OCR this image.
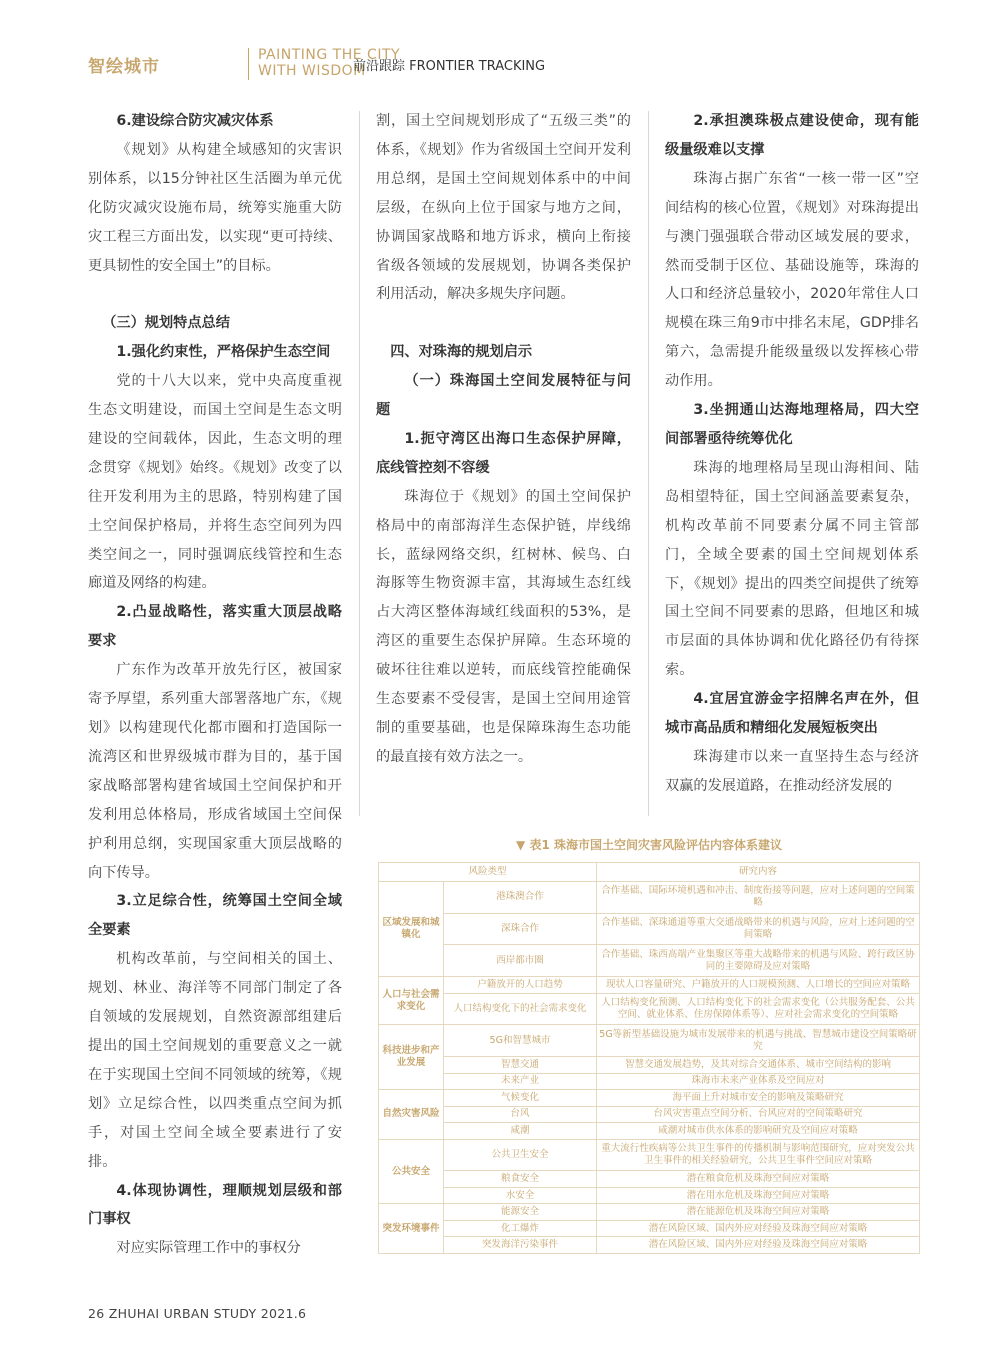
智绘城市
PAINTING THE CITY
WITH WISDOM
前沿跟踪 FRONTIER TRACKING

6.建设综合防灾减灾体系

《规划》从构建全域感知的灾害识别体系，以15分钟社区生活圈为单元优化防灾减灾设施布局，统筹实施重大防灾工程三方面出发，以实现“更可持续、更具韧性的安全国土”的目标。

（三）规划特点总结

1.强化约束性，严格保护生态空间

党的十八大以来，党中央高度重视生态文明建设，而国土空间是生态文明建设的空间载体，因此，生态文明的理念贯穿《规划》始终。《规划》改变了以往开发利用为主的思路，特别构建了国土空间保护格局，并将生态空间列为四类空间之一，同时强调底线管控和生态廊道及网络的构建。

2.凸显战略性，落实重大顶层战略要求

广东作为改革开放先行区，被国家寄予厚望，系列重大部署落地广东，《规划》以构建现代化都市圈和打造国际一流湾区和世界级城市群为目的，基于国家战略部署构建省域国土空间保护和开发利用总体格局，形成省域国土空间保护利用总纲，实现国家重大顶层战略的向下传导。

3.立足综合性，统筹国土空间全域全要素

机构改革前，与空间相关的国土、规划、林业、海洋等不同部门制定了各自领域的发展规划，自然资源部组建后提出的国土空间规划的重要意义之一就在于实现国土空间不同领域的统筹，《规划》立足综合性，以四类重点空间为抓手，对国土空间全域全要素进行了安排。

4.体现协调性，理顺规划层级和部门事权

对应实际管理工作中的事权分

割，国土空间规划形成了“五级三类”的体系，《规划》作为省级国土空间开发利用总纲，是国土空间规划体系中的中间层级，在纵向上位于国家与地方之间，协调国家战略和地方诉求，横向上衔接省级各领域的发展规划，协调各类保护利用活动，解决多规失序问题。

四、对珠海的规划启示

（一）珠海国土空间发展特征与问题

1.扼守湾区出海口生态保护屏障，底线管控刻不容缓

珠海位于《规划》的国土空间保护格局中的南部海洋生态保护链，岸线绵长，蓝绿网络交织，红树林、候鸟、白海豚等生物资源丰富，其海域生态红线占大湾区整体海域红线面积的53%，是湾区的重要生态保护屏障。生态环境的破坏往往难以逆转，而底线管控能确保生态要素不受侵害，是国土空间用途管制的重要基础，也是保障珠海生态功能的最直接有效方法之一。

2.承担澳珠极点建设使命，现有能级量级难以支撑

珠海占据广东省“一核一带一区”空间结构的核心位置，《规划》对珠海提出与澳门强强联合带动区域发展的要求，然而受制于区位、基础设施等，珠海的人口和经济总量较小，2020年常住人口规模在珠三角9市中排名末尾，GDP排名第六，急需提升能级量级以发挥核心带动作用。

3.坐拥通山达海地理格局，四大空间部署亟待统筹优化

珠海的地理格局呈现山海相间、陆岛相望特征，国土空间涵盖要素复杂，机构改革前不同要素分属不同主管部门，全域全要素的国土空间规划体系下，《规划》提出的四类空间提供了统筹国土空间不同要素的思路，但地区和城市层面的具体协调和优化路径仍有待探索。

4.宜居宜游金字招牌名声在外，但城市高品质和精细化发展短板突出

珠海建市以来一直坚持生态与经济双赢的发展道路，在推动经济发展的

▼ 表1 珠海市国土空间灾害风险评估内容体系建议
风险类型		研究内容
区域发展和城镇化	港珠澳合作	合作基础、国际环境机遇和冲击、制度衔接等问题，应对上述问题的空间策略
	深珠合作	合作基础、深珠通道等重大交通战略带来的机遇与风险，应对上述问题的空间策略
	西岸都市圈	合作基础、珠西高端产业集聚区等重大战略带来的机遇与风险、跨行政区协同的主要障碍及应对策略
人口与社会需求变化	户籍放开的人口趋势	现状人口容量研究、户籍放开的人口规模预测、人口增长的空间应对策略
	人口结构变化下的社会需求变化	人口结构变化预测、人口结构变化下的社会需求变化（公共服务配套、公共空间、就业体系、住房保障体系等）、应对社会需求变化的空间策略
科技进步和产业发展	5G和智慧城市	5G等新型基础设施为城市发展带来的机遇与挑战、智慧城市建设空间策略研究
	智慧交通	智慧交通发展趋势，及其对综合交通体系、城市空间结构的影响
	未来产业	珠海市未来产业体系及空间应对
自然灾害风险	气候变化	海平面上升对城市安全的影响及策略研究
	台风	台风灾害重点空间分析、台风应对的空间策略研究
	咸潮	咸潮对城市供水体系的影响研究及空间应对策略
公共安全	公共卫生安全	重大流行性疾病等公共卫生事件的传播机制与影响范围研究，应对突发公共卫生事件的相关经验研究，公共卫生事件空间应对策略
	粮食安全	潜在粮食危机及珠海空间应对策略
	水安全	潜在用水危机及珠海空间应对策略
突发环境事件	能源安全	潜在能源危机及珠海空间应对策略
	化工爆炸	潜在风险区域、国内外应对经验及珠海空间应对策略
	突发海洋污染事件	潜在风险区域、国内外应对经验及珠海空间应对策略
26 ZHUHAI URBAN STUDY 2021.6
